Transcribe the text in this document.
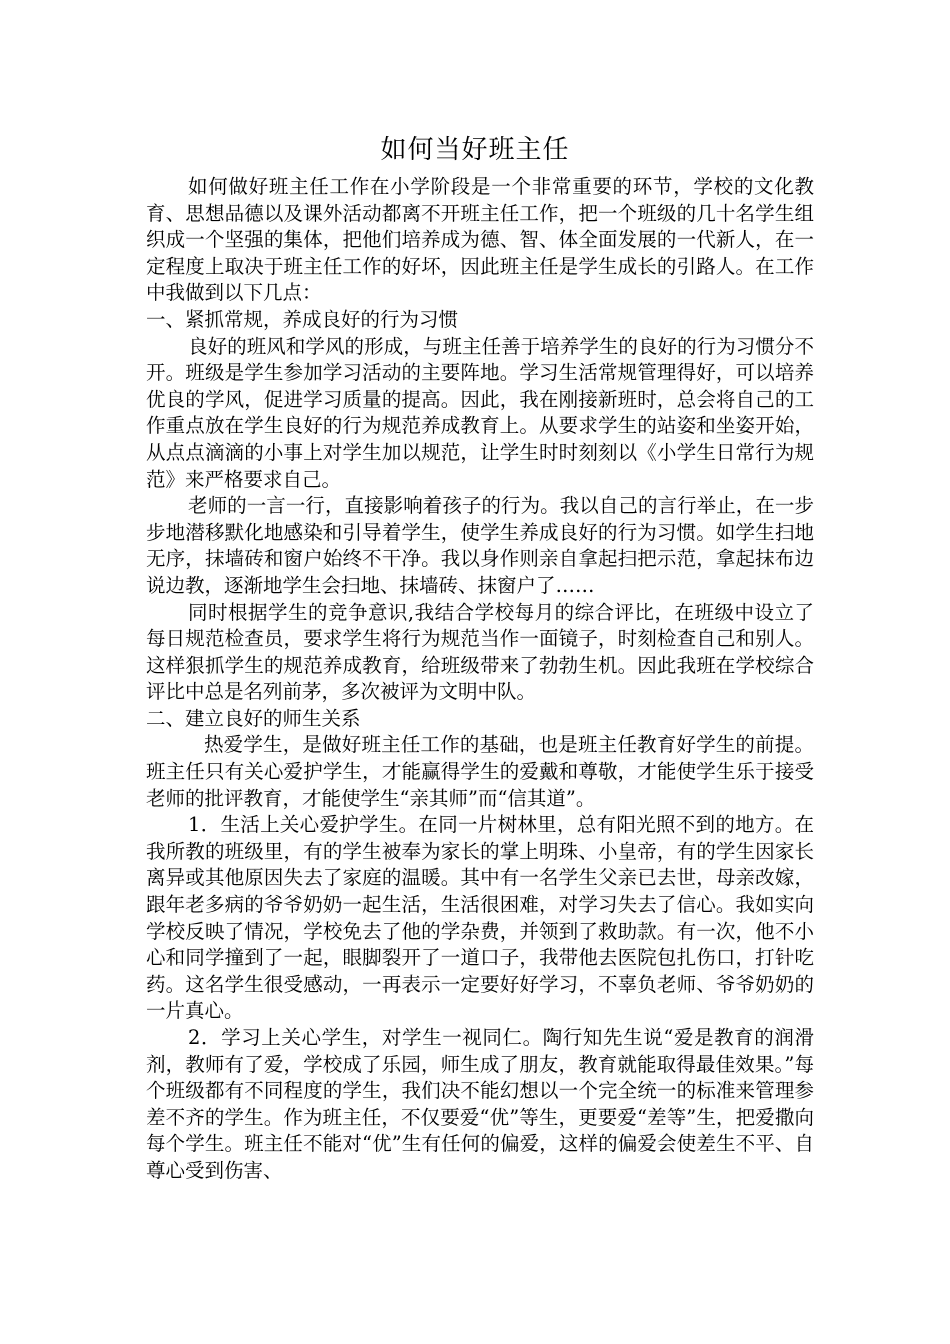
如何当好班主任

如何做好班主任工作在小学阶段是一个非常重要的环节，学校的文化教育、思想品德以及课外活动都离不开班主任工作，把一个班级的几十名学生组织成一个坚强的集体，把他们培养成为德、智、体全面发展的一代新人，在一定程度上取决于班主任工作的好坏，因此班主任是学生成长的引路人。在工作中我做到以下几点：

一、紧抓常规，养成良好的行为习惯

良好的班风和学风的形成，与班主任善于培养学生的良好的行为习惯分不开。班级是学生参加学习活动的主要阵地。学习生活常规管理得好，可以培养优良的学风，促进学习质量的提高。因此，我在刚接新班时，总会将自己的工作重点放在学生良好的行为规范养成教育上。从要求学生的站姿和坐姿开始，从点点滴滴的小事上对学生加以规范，让学生时时刻刻以《小学生日常行为规范》来严格要求自己。

老师的一言一行，直接影响着孩子的行为。我以自己的言行举止，在一步步地潜移默化地感染和引导着学生，使学生养成良好的行为习惯。如学生扫地无序，抹墙砖和窗户始终不干净。我以身作则亲自拿起扫把示范，拿起抹布边说边教，逐渐地学生会扫地、抹墙砖、抹窗户了……

同时根据学生的竞争意识,我结合学校每月的综合评比，在班级中设立了每日规范检查员，要求学生将行为规范当作一面镜子，时刻检查自己和别人。这样狠抓学生的规范养成教育，给班级带来了勃勃生机。因此我班在学校综合评比中总是名列前茅，多次被评为文明中队。

二、建立良好的师生关系

热爱学生，是做好班主任工作的基础，也是班主任教育好学生的前提。班主任只有关心爱护学生，才能赢得学生的爱戴和尊敬，才能使学生乐于接受老师的批评教育，才能使学生“亲其师”而“信其道”。

1．生活上关心爱护学生。在同一片树林里，总有阳光照不到的地方。在我所教的班级里，有的学生被奉为家长的掌上明珠、小皇帝，有的学生因家长离异或其他原因失去了家庭的温暖。其中有一名学生父亲已去世，母亲改嫁，跟年老多病的爷爷奶奶一起生活，生活很困难，对学习失去了信心。我如实向学校反映了情况，学校免去了他的学杂费，并领到了救助款。有一次，他不小心和同学撞到了一起，眼脚裂开了一道口子，我带他去医院包扎伤口，打针吃药。这名学生很受感动，一再表示一定要好好学习，不辜负老师、爷爷奶奶的一片真心。

2．学习上关心学生，对学生一视同仁。陶行知先生说“爱是教育的润滑剂，教师有了爱，学校成了乐园，师生成了朋友，教育就能取得最佳效果。”每个班级都有不同程度的学生，我们决不能幻想以一个完全统一的标准来管理参差不齐的学生。作为班主任，不仅要爱“优”等生，更要爱“差等”生，把爱撒向每个学生。班主任不能对“优”生有任何的偏爱，这样的偏爱会使差生不平、自尊心受到伤害、
